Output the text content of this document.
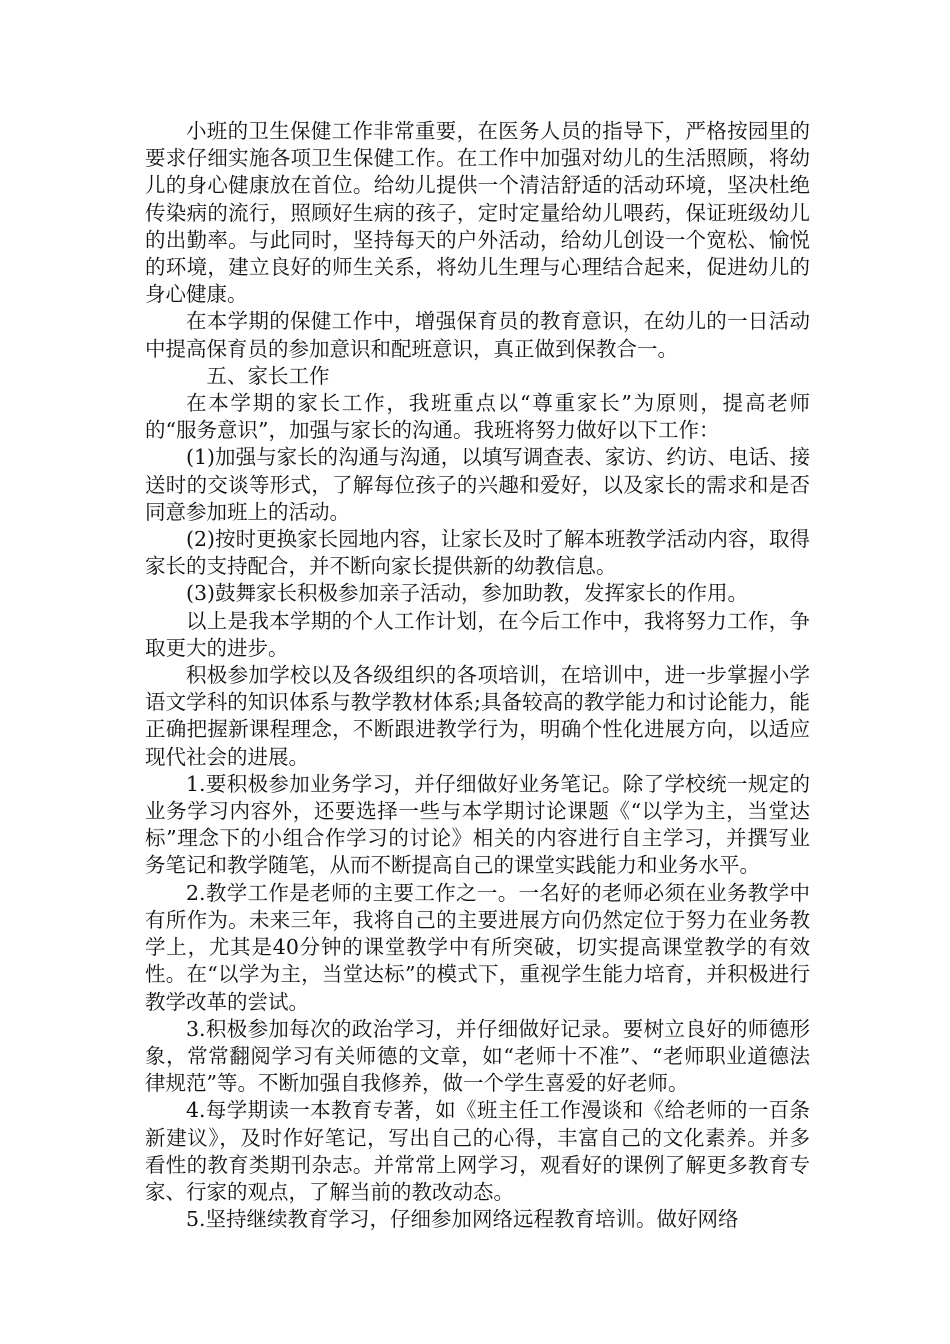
小班的卫生保健工作非常重要，在医务人员的指导下，严格按园里的要求仔细实施各项卫生保健工作。在工作中加强对幼儿的生活照顾，将幼儿的身心健康放在首位。给幼儿提供一个清洁舒适的活动环境，坚决杜绝传染病的流行，照顾好生病的孩子，定时定量给幼儿喂药，保证班级幼儿的出勤率。与此同时，坚持每天的户外活动，给幼儿创设一个宽松、愉悦的环境，建立良好的师生关系，将幼儿生理与心理结合起来，促进幼儿的身心健康。

在本学期的保健工作中，增强保育员的教育意识，在幼儿的一日活动中提高保育员的参加意识和配班意识，真正做到保教合一。

五、家长工作

在本学期的家长工作，我班重点以“尊重家长”为原则，提高老师的“服务意识”，加强与家长的沟通。我班将努力做好以下工作：

(1)加强与家长的沟通与沟通，以填写调查表、家访、约访、电话、接送时的交谈等形式，了解每位孩子的兴趣和爱好，以及家长的需求和是否同意参加班上的活动。

(2)按时更换家长园地内容，让家长及时了解本班教学活动内容，取得家长的支持配合，并不断向家长提供新的幼教信息。

(3)鼓舞家长积极参加亲子活动，参加助教，发挥家长的作用。

以上是我本学期的个人工作计划，在今后工作中，我将努力工作，争取更大的进步。

积极参加学校以及各级组织的各项培训，在培训中，进一步掌握小学语文学科的知识体系与教学教材体系;具备较高的教学能力和讨论能力，能正确把握新课程理念，不断跟进教学行为，明确个性化进展方向，以适应现代社会的进展。

1.要积极参加业务学习，并仔细做好业务笔记。除了学校统一规定的业务学习内容外，还要选择一些与本学期讨论课题《“以学为主，当堂达标”理念下的小组合作学习的讨论》相关的内容进行自主学习，并撰写业务笔记和教学随笔，从而不断提高自己的课堂实践能力和业务水平。

2.教学工作是老师的主要工作之一。一名好的老师必须在业务教学中有所作为。未来三年，我将自己的主要进展方向仍然定位于努力在业务教学上，尤其是40分钟的课堂教学中有所突破，切实提高课堂教学的有效性。在“以学为主，当堂达标”的模式下，重视学生能力培育，并积极进行教学改革的尝试。

3.积极参加每次的政治学习，并仔细做好记录。要树立良好的师德形象，常常翻阅学习有关师德的文章，如“老师十不准”、“老师职业道德法律规范”等。不断加强自我修养，做一个学生喜爱的好老师。

4.每学期读一本教育专著，如《班主任工作漫谈和《给老师的一百条新建议》，及时作好笔记，写出自己的心得，丰富自己的文化素养。并多看性的教育类期刊杂志。并常常上网学习，观看好的课例了解更多教育专家、行家的观点，了解当前的教改动态。

5.坚持继续教育学习，仔细参加网络远程教育培训。做好网络
